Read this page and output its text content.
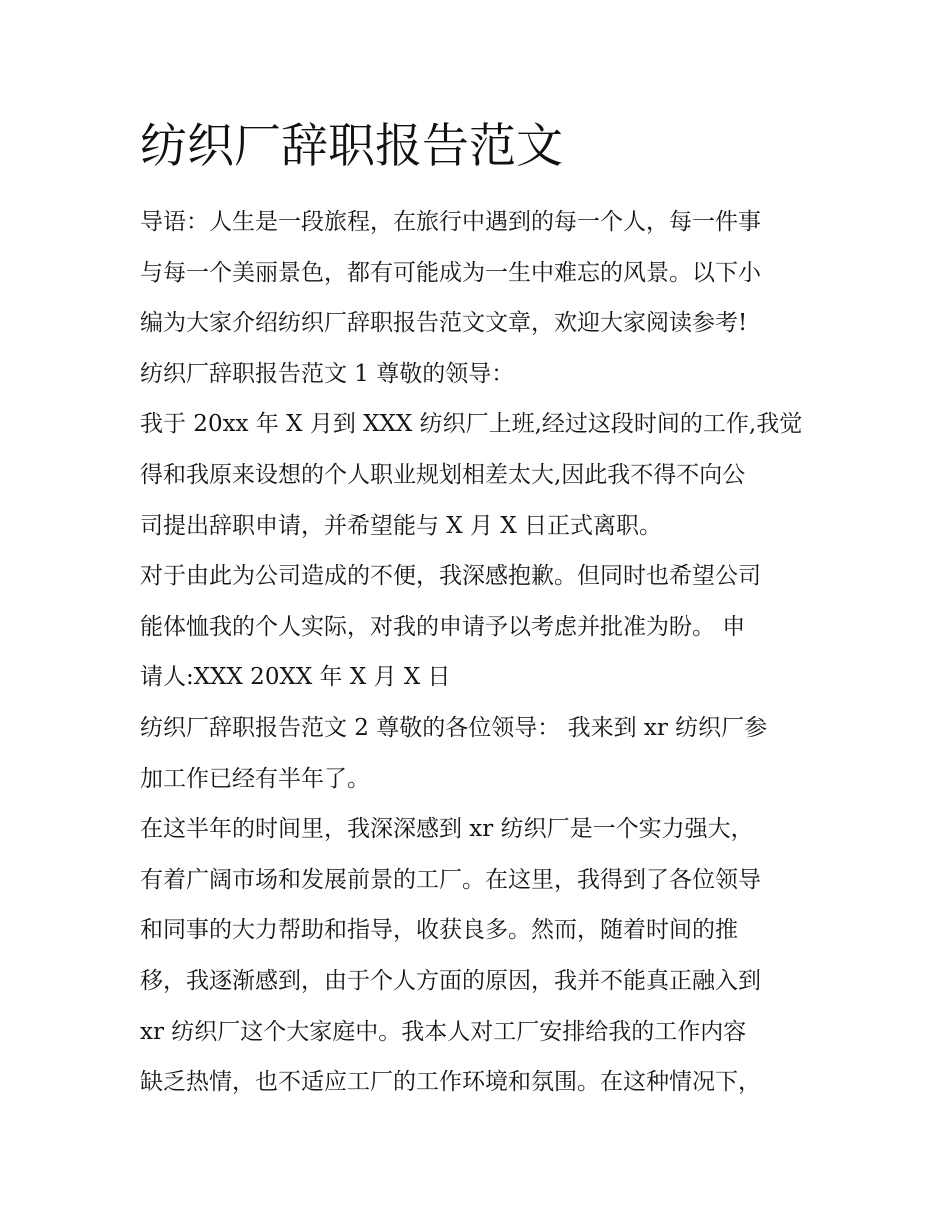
纺织厂辞职报告范文
导语：人生是一段旅程，在旅行中遇到的每一个人，每一件事
与每一个美丽景色，都有可能成为一生中难忘的风景。以下小
编为大家介绍纺织厂辞职报告范文文章，欢迎大家阅读参考!
纺织厂辞职报告范文 1 尊敬的领导：
我于 20xx 年 X 月到 XXX 纺织厂上班,经过这段时间的工作,我觉
得和我原来设想的个人职业规划相差太大,因此我不得不向公
司提出辞职申请，并希望能与 X 月 X 日正式离职。
对于由此为公司造成的不便，我深感抱歉。但同时也希望公司
能体恤我的个人实际，对我的申请予以考虑并批准为盼。 申
请人:XXX 20XX 年 X 月 X 日
纺织厂辞职报告范文 2 尊敬的各位领导： 我来到 xr 纺织厂参
加工作已经有半年了。
在这半年的时间里，我深深感到 xr 纺织厂是一个实力强大，
有着广阔市场和发展前景的工厂。在这里，我得到了各位领导
和同事的大力帮助和指导，收获良多。然而，随着时间的推
移，我逐渐感到，由于个人方面的原因，我并不能真正融入到
xr 纺织厂这个大家庭中。我本人对工厂安排给我的工作内容
缺乏热情，也不适应工厂的工作环境和氛围。在这种情况下，
